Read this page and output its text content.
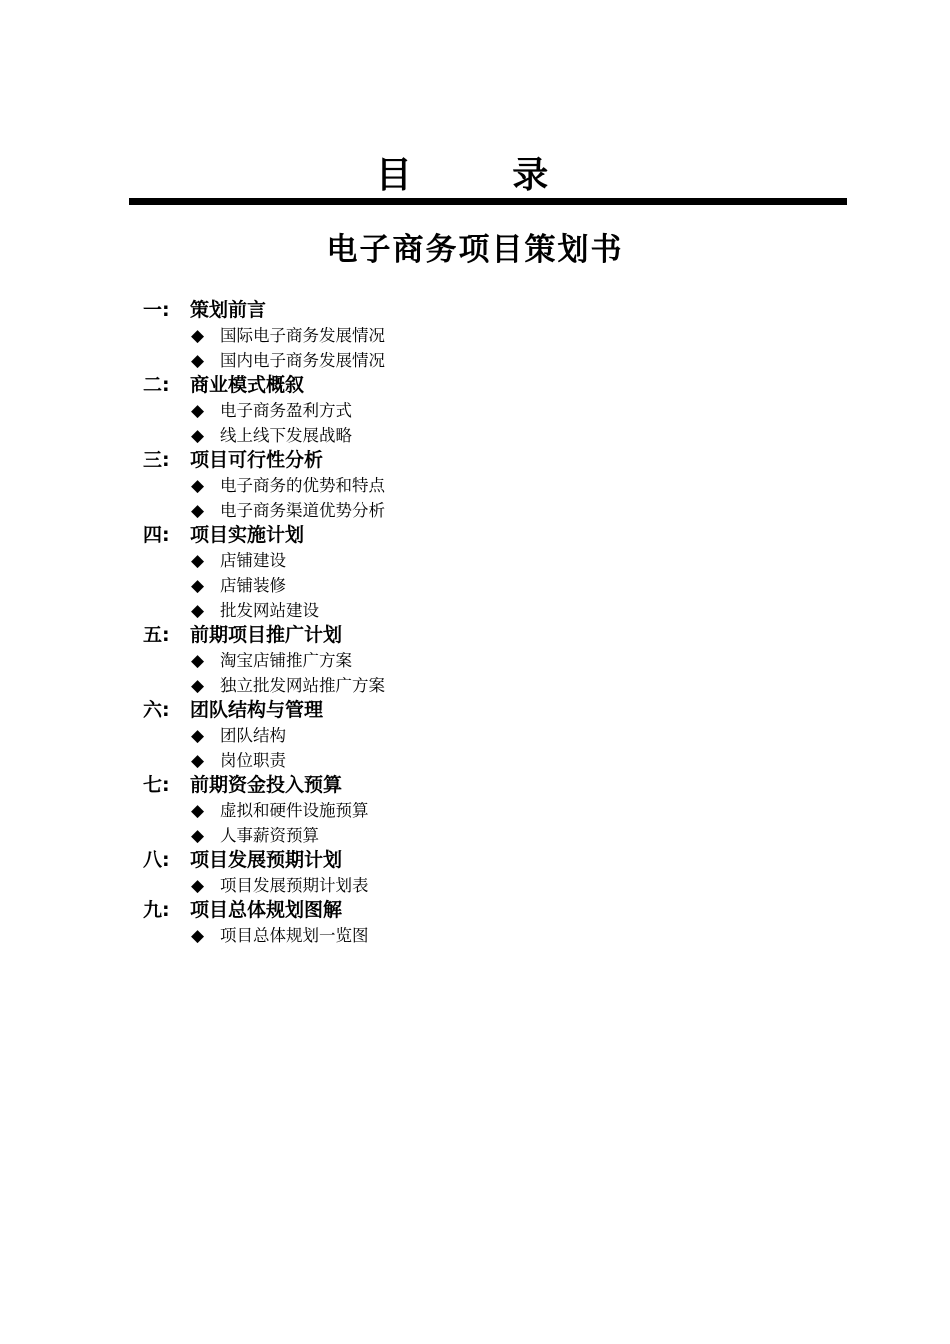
目 录
电子商务项目策划书
一: 策划前言
◆ 国际电子商务发展情况
◆ 国内电子商务发展情况
二: 商业模式概叙
◆ 电子商务盈利方式
◆ 线上线下发展战略
三: 项目可行性分析
◆ 电子商务的优势和特点
◆ 电子商务渠道优势分析
四: 项目实施计划
◆ 店铺建设
◆ 店铺装修
◆ 批发网站建设
五: 前期项目推广计划
◆ 淘宝店铺推广方案
◆ 独立批发网站推广方案
六: 团队结构与管理
◆ 团队结构
◆ 岗位职责
七: 前期资金投入预算
◆ 虚拟和硬件设施预算
◆ 人事薪资预算
八: 项目发展预期计划
◆ 项目发展预期计划表
九: 项目总体规划图解
◆ 项目总体规划一览图
